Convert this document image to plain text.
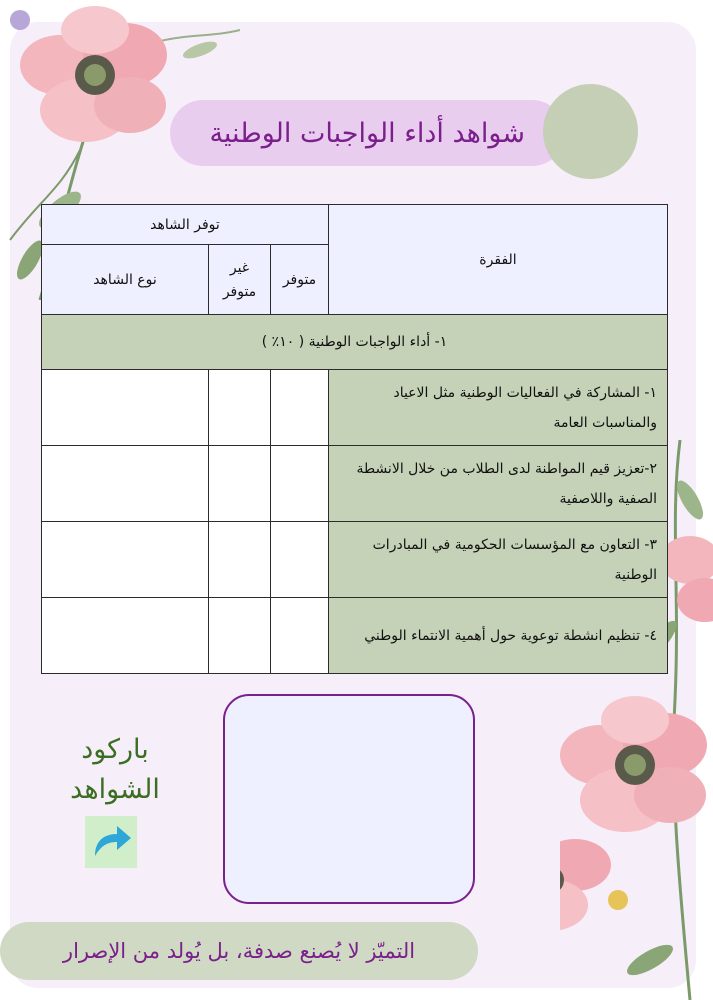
شواهد أداء الواجبات الوطنية
الفقرة	توفر الشاهد		
	متوفر	غير متوفر	نوع الشاهد
١- أداء الواجبات الوطنية ( ١٠٪ )			
١- المشاركة في الفعاليات الوطنية مثل الاعياد والمناسبات العامة			
٢-تعزيز قيم المواطنة لدى الطلاب من خلال الانشطة الصفية واللاصفية			
٣- التعاون مع المؤسسات الحكومية في المبادرات الوطنية			
٤- تنظيم انشطة توعوية حول أهمية الانتماء الوطني			
باركود الشواهد
التميّز لا يُصنع صدفة، بل يُولد من الإصرار
